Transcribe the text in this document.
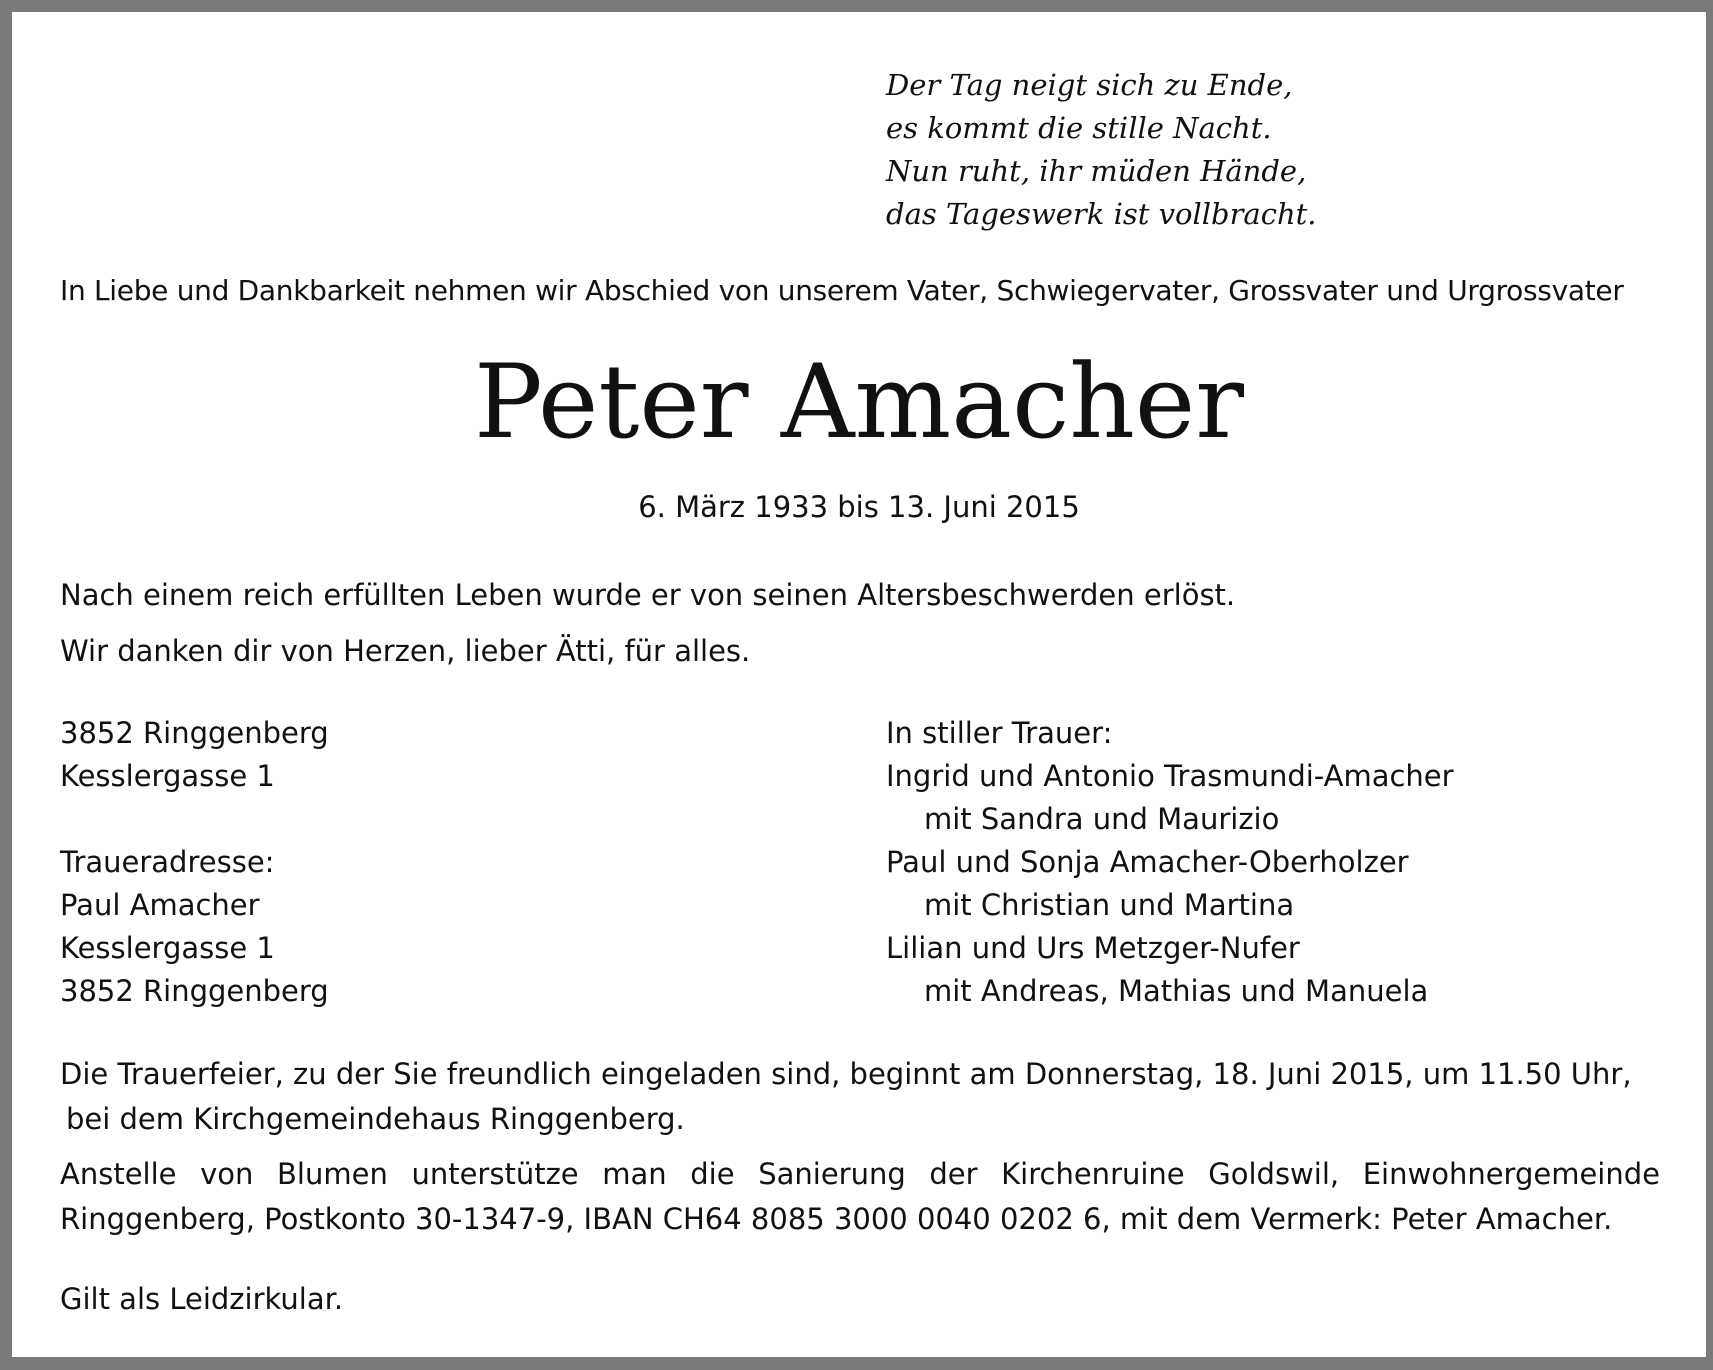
Der Tag neigt sich zu Ende,
es kommt die stille Nacht.
Nun ruht, ihr müden Hände,
das Tageswerk ist vollbracht.
In Liebe und Dankbarkeit nehmen wir Abschied von unserem Vater, Schwiegervater, Grossvater und Urgrossvater
Peter Amacher
6. März 1933 bis 13. Juni 2015
Nach einem reich erfüllten Leben wurde er von seinen Altersbeschwerden erlöst.
Wir danken dir von Herzen, lieber Ätti, für alles.
3852 Ringgenberg
Kesslergasse 1
Traueradresse:
Paul Amacher
Kesslergasse 1
3852 Ringgenberg
In stiller Trauer:
Ingrid und Antonio Trasmundi-Amacher
mit Sandra und Maurizio
Paul und Sonja Amacher-Oberholzer
mit Christian und Martina
Lilian und Urs Metzger-Nufer
mit Andreas, Mathias und Manuela
Die Trauerfeier, zu der Sie freundlich eingeladen sind, beginnt am Donnerstag, 18. Juni 2015, um 11.50 Uhr,
bei dem Kirchgemeindehaus Ringgenberg.
Anstelle von Blumen unterstütze man die Sanierung der Kirchenruine Goldswil, Einwohnergemeinde
Ringgenberg, Postkonto 30-1347-9, IBAN CH64 8085 3000 0040 0202 6, mit dem Vermerk: Peter Amacher.
Gilt als Leidzirkular.
